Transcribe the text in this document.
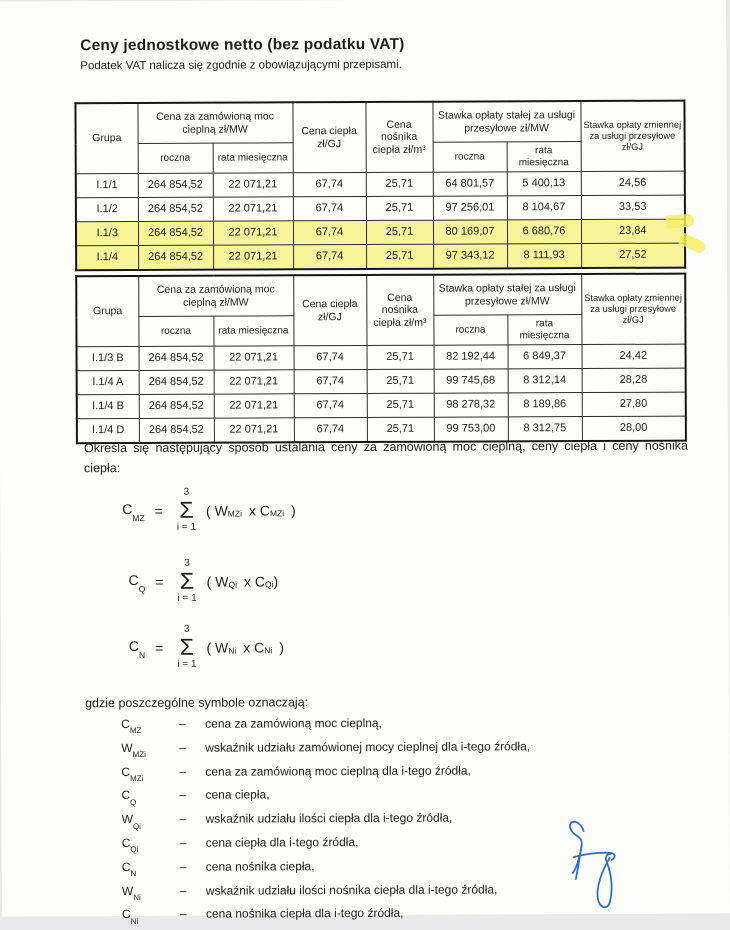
Ceny jednostkowe netto (bez podatku VAT)
Podatek VAT nalicza się zgodnie z obowiązującymi przepisami.
Grupa	Cena za zamówioną moc cieplną zł/MW		Cena ciepła zł/GJ	Cena nośnika ciepła zł/m³	Stawka opłaty stałej za usługi przesyłowe zł/MW		Stawka opłaty zmiennej za usługi przesyłowe zł/GJ
	roczna	rata miesięczna			roczna	rata miesięczna	
I.1/1	264 854,52	22 071,21	67,74	25,71	64 801,57	5 400,13	24,56
I.1/2	264 854,52	22 071,21	67,74	25,71	97 256,01	8 104,67	33,53
I.1/3	264 854,52	22 071,21	67,74	25,71	80 169,07	6 680,76	23,84
I.1/4	264 854,52	22 071,21	67,74	25,71	97 343,12	8 111,93	27,52
Grupa	Cena za zamówioną moc cieplną zł/MW		Cena ciepła zł/GJ	Cena nośnika ciepła zł/m³	Stawka opłaty stałej za usługi przesyłowe zł/MW		Stawka opłaty zmiennej za usługi przesyłowe zł/GJ
	roczna	rata miesięczna			roczna	rata miesięczna	
I.1/3 B	264 854,52	22 071,21	67,74	25,71	82 192,44	6 849,37	24,42
I.1/4 A	264 854,52	22 071,21	67,74	25,71	99 745,68	8 312,14	28,28
I.1/4 B	264 854,52	22 071,21	67,74	25,71	98 278,32	8 189,86	27,80
I.1/4 D	264 854,52	22 071,21	67,74	25,71	99 753,00	8 312,75	28,00
Określa się następujący sposób ustalania ceny za zamówioną moc cieplną, ceny ciepła i ceny nośnika ciepła:
$C_{MZ}$ =
3
Σ
i = 1
( $W_{MZi}$ x $C_{MZi}$ )
$C_Q$ =
3
Σ
i = 1
( $W_{Qi}$ x $C_{Qi}$ )
$C_N$ =
3
Σ
i = 1
( $W_{Ni}$ x $C_{Ni}$ )
gdzie poszczególne symbole oznaczają:
$C_{MZ}$
–	cena za zamówioną moc cieplną,
$W_{MZi}$
–	wskaźnik udziału zamówionej mocy cieplnej dla i-tego źródła,
$C_{MZi}$
–	cena za zamówioną moc cieplną dla i-tego źródła,
$C_Q$
–	cena ciepła,
$W_{Qi}$
–	wskaźnik udziału ilości ciepła dla i-tego źródła,
$C_{Qi}$
–	cena ciepła dla i-tego źródła,
$C_N$
–	cena nośnika ciepła,
$W_{Ni}$
–	wskaźnik udziału ilości nośnika ciepła dla i-tego źródła,
$C_{Ni}$
–	cena nośnika ciepła dla i-tego źródła,
